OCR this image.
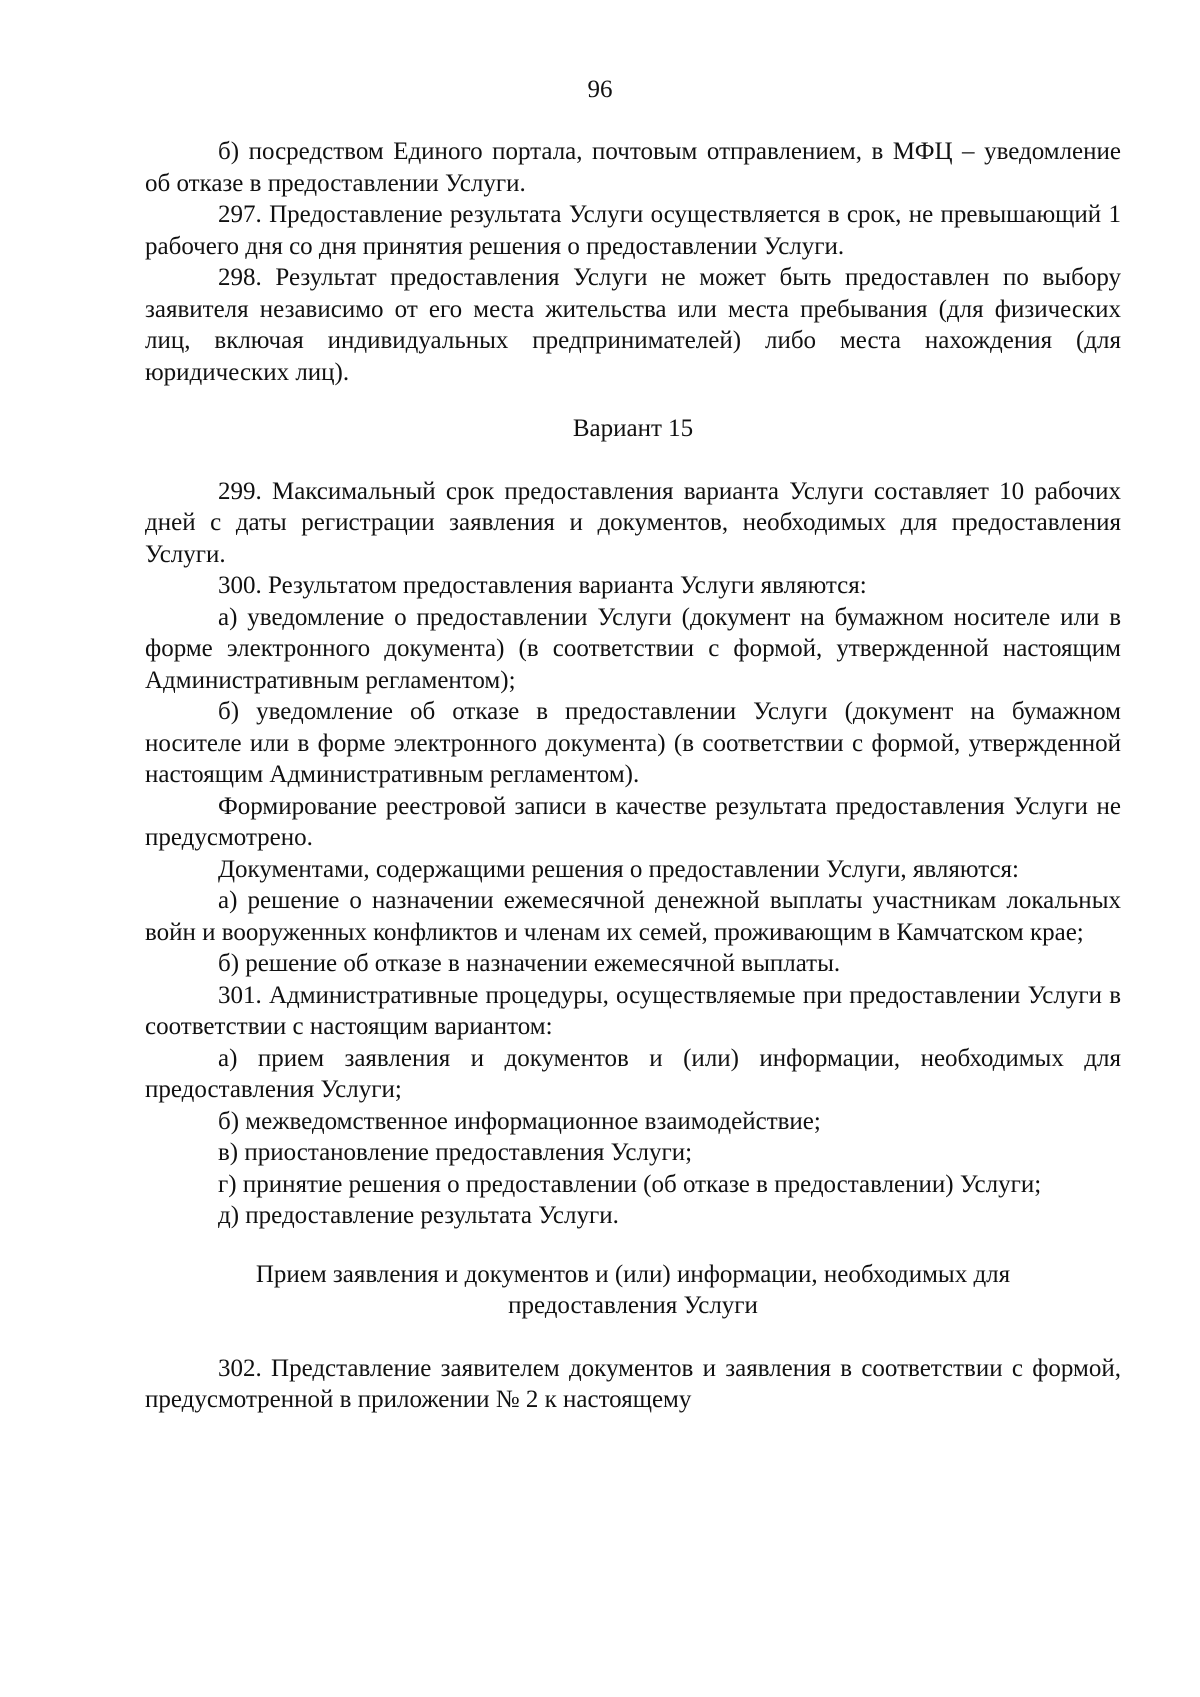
96

б) посредством Единого портала, почтовым отправлением, в МФЦ – уведомление об отказе в предоставлении Услуги.

297. Предоставление результата Услуги осуществляется в срок, не превышающий 1 рабочего дня со дня принятия решения о предоставлении Услуги.

298. Результат предоставления Услуги не может быть предоставлен по выбору заявителя независимо от его места жительства или места пребывания (для физических лиц, включая индивидуальных предпринимателей) либо места нахождения (для юридических лиц).

Вариант 15

299. Максимальный срок предоставления варианта Услуги составляет 10 рабочих дней с даты регистрации заявления и документов, необходимых для предоставления Услуги.

300. Результатом предоставления варианта Услуги являются:

а) уведомление о предоставлении Услуги (документ на бумажном носителе или в форме электронного документа) (в соответствии с формой, утвержденной настоящим Административным регламентом);

б) уведомление об отказе в предоставлении Услуги (документ на бумажном носителе или в форме электронного документа) (в соответствии с формой, утвержденной настоящим Административным регламентом).

Формирование реестровой записи в качестве результата предоставления Услуги не предусмотрено.

Документами, содержащими решения о предоставлении Услуги, являются:

а) решение о назначении ежемесячной денежной выплаты участникам локальных войн и вооруженных конфликтов и членам их семей, проживающим в Камчатском крае;

б) решение об отказе в назначении ежемесячной выплаты.

301. Административные процедуры, осуществляемые при предоставлении Услуги в соответствии с настоящим вариантом:

а) прием заявления и документов и (или) информации, необходимых для предоставления Услуги;

б) межведомственное информационное взаимодействие;

в) приостановление предоставления Услуги;

г) принятие решения о предоставлении (об отказе в предоставлении) Услуги;

д) предоставление результата Услуги.

Прием заявления и документов и (или) информации, необходимых для
предоставления Услуги

302. Представление заявителем документов и заявления в соответствии с формой, предусмотренной в приложении № 2 к настоящему
